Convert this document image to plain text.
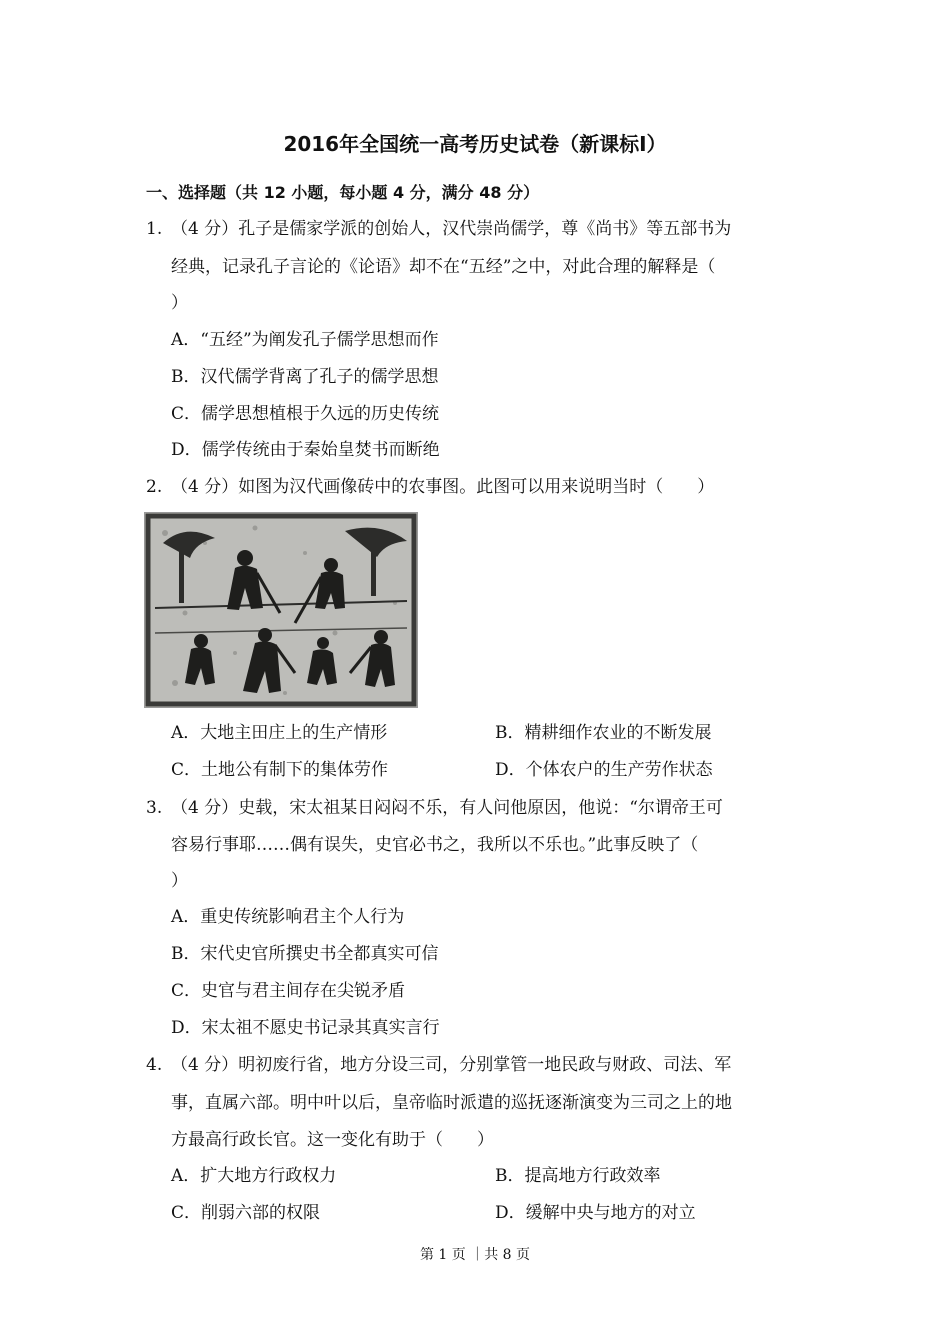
2016年全国统一高考历史试卷（新课标Ⅰ）
一、选择题（共 12 小题，每小题 4 分，满分 48 分）
1. （4 分）孔子是儒家学派的创始人，汉代崇尚儒学，尊《尚书》等五部书为
经典，记录孔子言论的《论语》却不在“五经”之中，对此合理的解释是（
）
A．“五经”为阐发孔子儒学思想而作
B．汉代儒学背离了孔子的儒学思想
C．儒学思想植根于久远的历史传统
D．儒学传统由于秦始皇焚书而断绝
2. （4 分）如图为汉代画像砖中的农事图。此图可以用来说明当时（　　）
A．大地主田庄上的生产情形	B．精耕细作农业的不断发展
C．土地公有制下的集体劳作	D．个体农户的生产劳作状态
3. （4 分）史载，宋太祖某日闷闷不乐，有人问他原因，他说：“尔谓帝王可
容易行事耶……偶有误失，史官必书之，我所以不乐也。”此事反映了（
）
A．重史传统影响君主个人行为
B．宋代史官所撰史书全都真实可信
C．史官与君主间存在尖锐矛盾
D．宋太祖不愿史书记录其真实言行
4. （4 分）明初废行省，地方分设三司，分别掌管一地民政与财政、司法、军
事，直属六部。明中叶以后，皇帝临时派遣的巡抚逐渐演变为三司之上的地
方最高行政长官。这一变化有助于（　　）
A．扩大地方行政权力	B．提高地方行政效率
C．削弱六部的权限	D．缓解中央与地方的对立
第 1 页 ｜共 8 页
